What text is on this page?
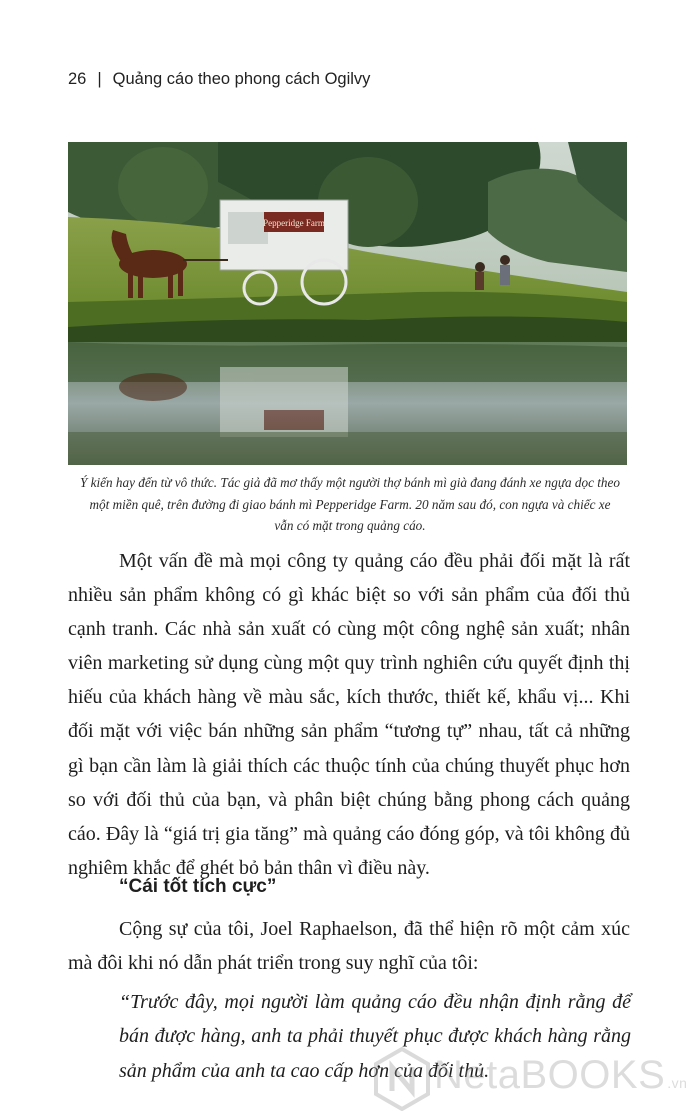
26 | Quảng cáo theo phong cách Ogilvy
Pepperidge Farm
Ý kiến hay đến từ vô thức. Tác giả đã mơ thấy một người thợ bánh mì già đang đánh xe ngựa dọc theo một miền quê, trên đường đi giao bánh mì Pepperidge Farm. 20 năm sau đó, con ngựa và chiếc xe vẫn có mặt trong quảng cáo.

Một vấn đề mà mọi công ty quảng cáo đều phải đối mặt là rất nhiều sản phẩm không có gì khác biệt so với sản phẩm của đối thủ cạnh tranh. Các nhà sản xuất có cùng một công nghệ sản xuất; nhân viên marketing sử dụng cùng một quy trình nghiên cứu quyết định thị hiếu của khách hàng về màu sắc, kích thước, thiết kế, khẩu vị... Khi đối mặt với việc bán những sản phẩm “tương tự” nhau, tất cả những gì bạn cần làm là giải thích các thuộc tính của chúng thuyết phục hơn so với đối thủ của bạn, và phân biệt chúng bằng phong cách quảng cáo. Đây là “giá trị gia tăng” mà quảng cáo đóng góp, và tôi không đủ nghiêm khắc để ghét bỏ bản thân vì điều này.

“Cái tốt tích cực”

Cộng sự của tôi, Joel Raphaelson, đã thể hiện rõ một cảm xúc mà đôi khi nó dẫn phát triển trong suy nghĩ của tôi:

“Trước đây, mọi người làm quảng cáo đều nhận định rằng để bán được hàng, anh ta phải thuyết phục được khách hàng rằng sản phẩm của anh ta cao cấp hơn của đối thủ.

NetaBOOKS .vn
